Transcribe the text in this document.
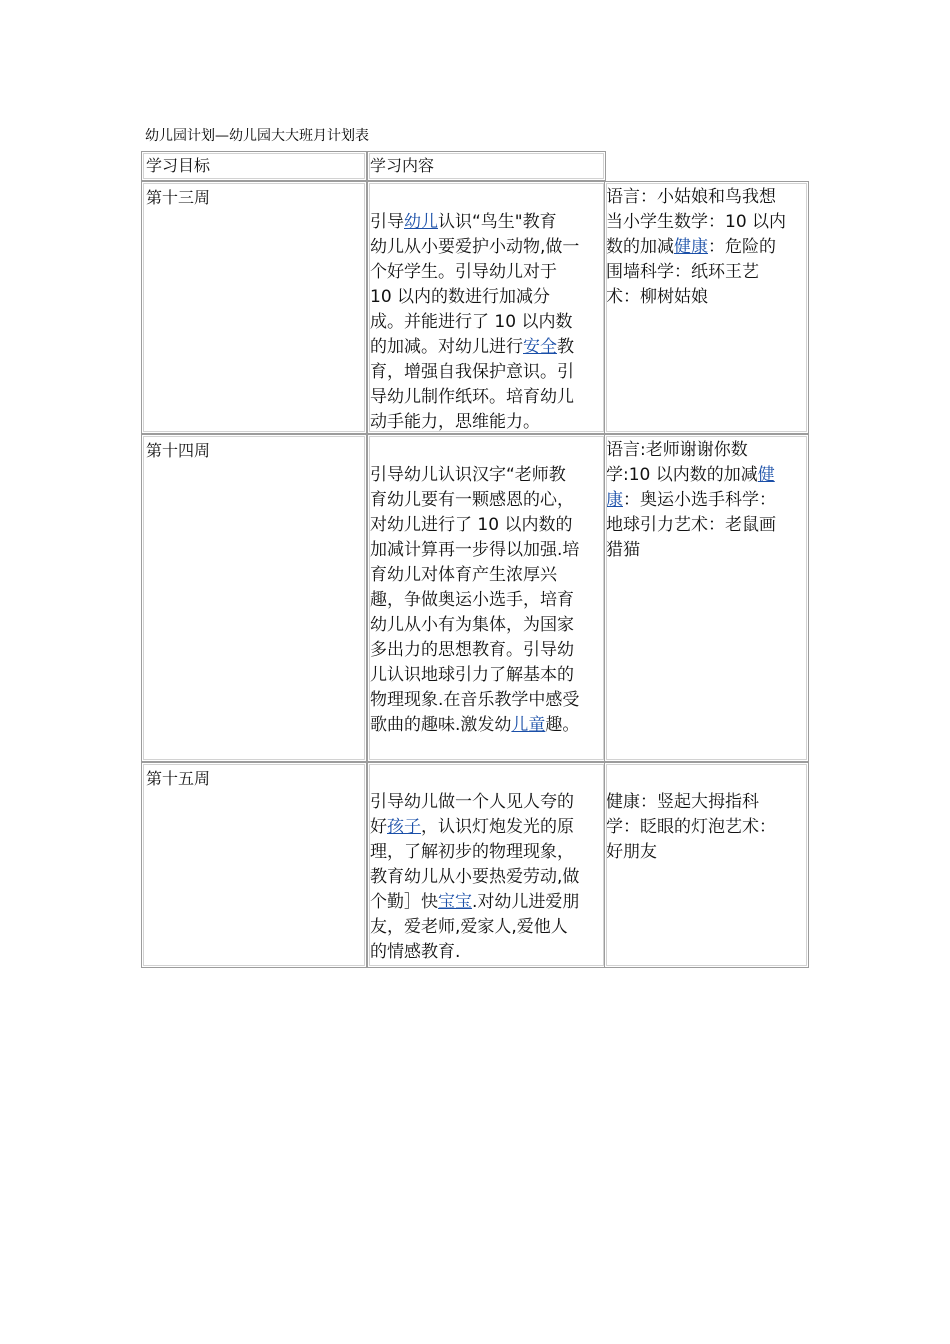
幼儿园计划—幼儿园大大班月计划表
学习目标	学习内容
第十三周
引导幼儿认识“鸟生"教育
幼儿从小要爱护小动物,做一
个好学生。引导幼儿对于
10 以内的数进行加减分
成。并能进行了 10 以内数
的加减。对幼儿进行安全教
育，增强自我保护意识。引
导幼儿制作纸环。培育幼儿
动手能力，思维能力。
语言：小姑娘和鸟我想
当小学生数学：10 以内
数的加减健康：危险的
围墙科学：纸环王艺
术：柳树姑娘
第十四周
引导幼儿认识汉字“老师教
育幼儿要有一颗感恩的心，
对幼儿进行了 10 以内数的
加减计算再一步得以加强.培
育幼儿对体育产生浓厚兴
趣，争做奥运小选手，培育
幼儿从小有为集体，为国家
多出力的思想教育。引导幼
儿认识地球引力了解基本的
物理现象.在音乐教学中感受
歌曲的趣味.激发幼儿童趣。
语言:老师谢谢你数
学:10 以内数的加减健
康：奥运小选手科学：
地球引力艺术：老鼠画
猎猫
第十五周
引导幼儿做一个人见人夸的
好孩子，认识灯炮发光的原
理，了解初步的物理现象，
教育幼儿从小要热爱劳动,做
个勤］快宝宝.对幼儿进爱朋
友，爱老师,爱家人,爱他人
的情感教育.
健康：竖起大拇指科
学：眨眼的灯泡艺术：
好朋友
